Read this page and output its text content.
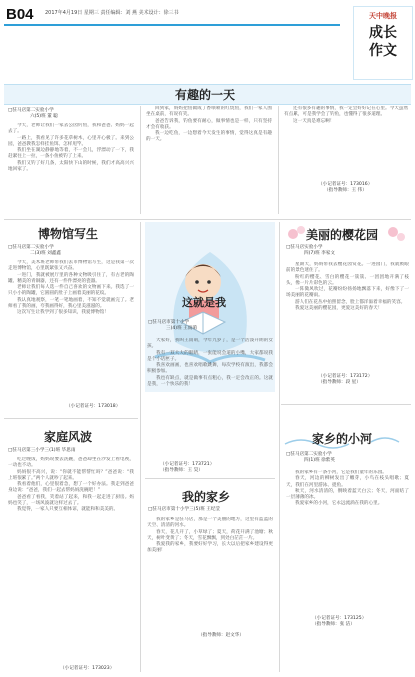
B04 2017年4月19日 星期三 责任编辑：刘 燕 美术设计：徐三书	天中晚报
成长
作文
有趣的一天
□驻马店第二实验小学
六(5)班 董 聪

今天，老师让我们一家去公园钓鱼，我和爸爸、妈妈一起去了。

一路上，我看见了许多花草树木，心里开心极了。来到公园，爸爸教我怎样挂鱼饵、怎样甩竿。

我们坐在湖边静静地等着，不一会儿，浮漂动了一下，我赶紧往上一拉，一条小鱼被钓了上来。

我们又钓了好几条，太阳快下山的时候，我们才高高兴兴地回家了。

回到家，妈妈把鱼做成了香喷喷的红烧鱼，我们一家人围坐在桌前，有说有笑。

爸爸告诉我，钓鱼要有耐心，做事情也是一样，只有坚持才会有收获。

我一边吃鱼，一边想着今天发生的事情，觉得这真是有趣的一天。

还有很多有趣的事情，我一定会好好记在心里。今天虽然有点累，可是我学会了钓鱼，也懂得了很多道理。

这一天真是难忘啊！

（小记者证号：173016）
（指导教师：王 伟）
博物馆写生
□驻马店第二实验小学
二(3)班 刘鑫鑫

今天，美术班老师带我们去市博物馆写生，这是我第一次走进博物馆，心里既紧张又兴奋。

一进门，我就被展厅里的各种文物吸引住了，有古老的陶罐、精美的青铜器，还有一件件漂亮的瓷器。

老师让我们每人选一件自己喜欢的文物画下来。我选了一只小小的陶罐，它圆圆的肚子上画着美丽的花纹。

我认真地观察，一笔一笔地画着，不知不觉就画完了。老师看了我的画，夸我画得好，我心里美滋滋的。

这次写生让我学到了很多知识，我爱博物馆！

（小记者证号：173018）
家庭风波
□驻马店第三小学三(1)班 毕思雨

吃过晚饭，妈妈说要去洗碗，爸爸却坐在沙发上看电视，一动也不动。

妈妈很不高兴，说：“你就不能帮帮忙吗？”爸爸说：“我上班很累了。”两个人就吵了起来。

我看着他们，心里很着急，想了一个好办法。我走到爸爸身边说：“爸爸，我们一起去帮妈妈洗碗吧！”

爸爸看了看我，笑着站了起来，和我一起走进了厨房。妈妈也笑了，一场风波就这样过去了。

我觉得，一家人只要互相体谅，就能和和美美的。

（小记者证号：173023）
这就是我
□驻马店市第十小学
三(4)班 王雨萌

大家好，我叫王雨萌，今年九岁了，是一个活泼开朗的女孩。

我有一双大大的眼睛，一张能说会道的小嘴，大家都说我是个小话匣子。

我喜欢画画，也喜欢唱歌跳舞，每次学校有演出，我都会积极参加。

我也有缺点，就是做事有点粗心，我一定会改正的。这就是我，一个快乐的我！

（小记者证号：173721）
（指导教师：王 昊）
我的家乡
□驻马店市第十小学三(5)班 王纪莹

我的家乡是驻马店，那是一个美丽的地方，这里有蓝蓝的天空、清清的河水。

春天，花儿开了，小草绿了；夏天，荷花开满了池塘；秋天，树叶变黄了；冬天，雪花飘飘，到处白茫茫一片。

我爱我的家乡，我要好好学习，长大以后把家乡建设得更加美丽！

（指导教师：赵文华）
美丽的樱花园
□驻马店实验小学
四(7)班 李家文

星期天，妈妈带我去樱花园赏花。一进园门，我就被眼前的景色迷住了。

粉红的樱花、雪白的樱花一簇簇、一团团地开满了枝头，像一片片彩色的云。

一阵微风吹过，花瓣纷纷扬扬地飘落下来，好像下了一场美丽的花瓣雨。

游人们在花丛中拍照留念，脸上都洋溢着幸福的笑容。

我爱这美丽的樱花园，更爱这美好的春天！

（小记者证号：173172）
（指导教师：段 星）
家乡的小河
□驻马店第二实验小学
四(1)班 徐紫英

我的家乡有一条小河，它是我们童年的乐园。

春天，河边的柳树发出了嫩芽，小鸟在枝头唱歌；夏天，我们在河里游泳、捉鱼。

秋天，河水清清的，倒映着蓝天白云；冬天，河面结了一层薄薄的冰。

我爱家乡的小河，它永远流淌在我的心里。

（小记者证号：173125）
（指导教师：张 洁）
